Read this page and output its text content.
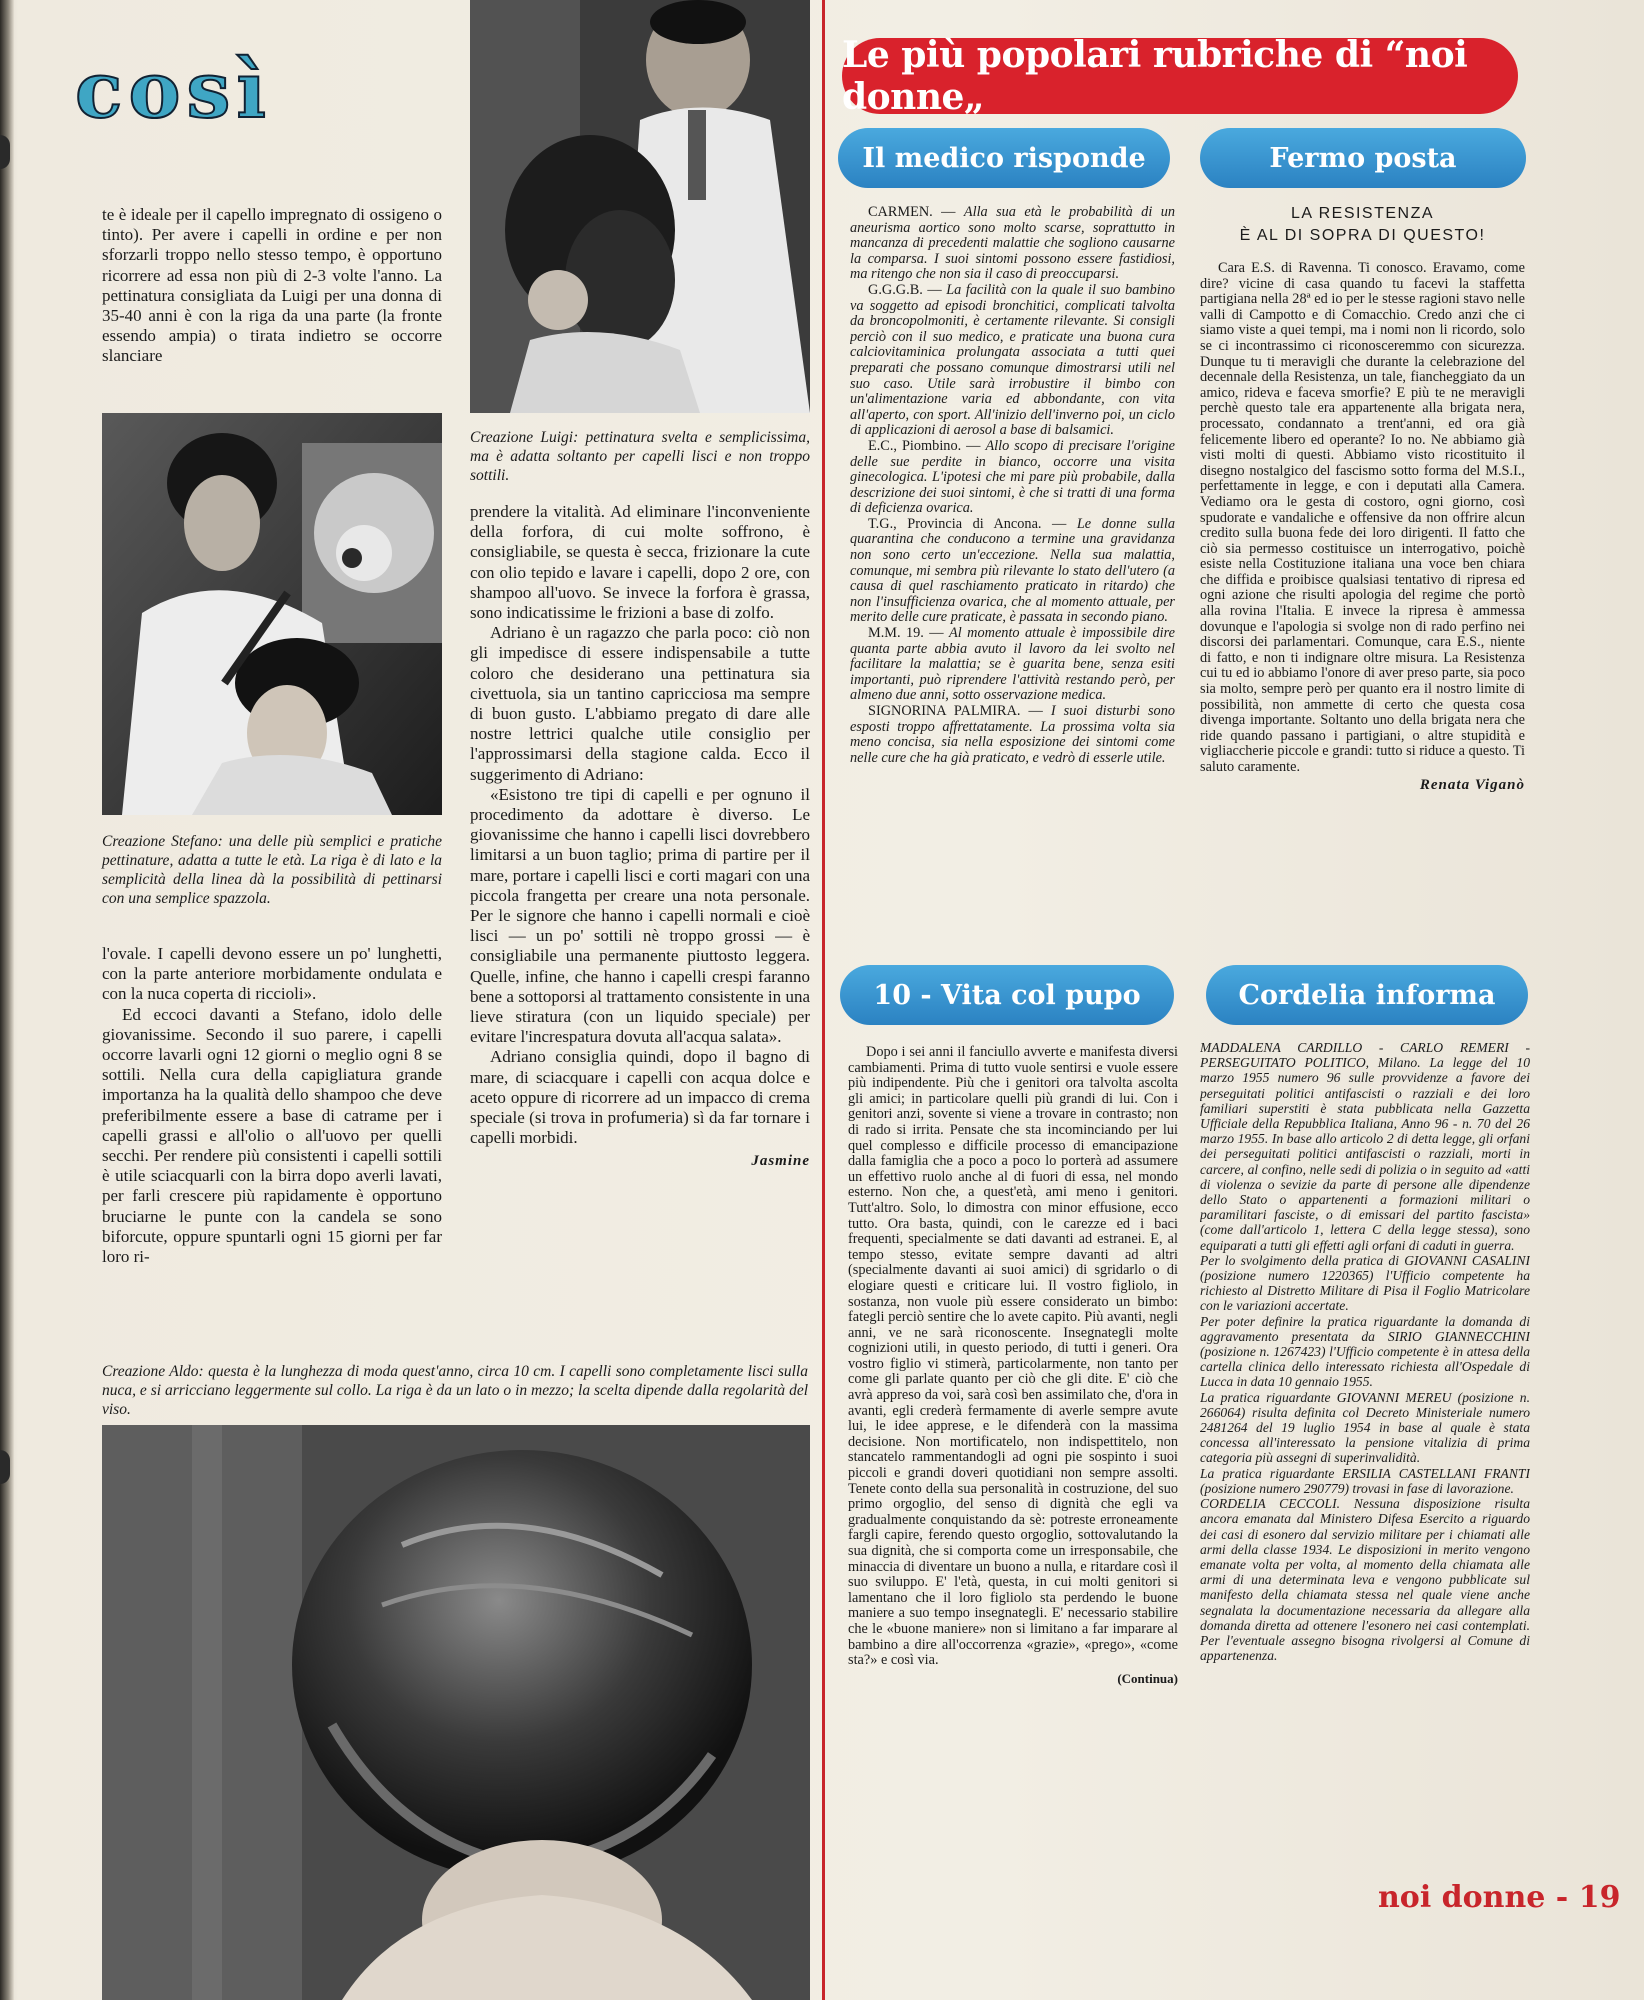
così

te è ideale per il capello impregnato di ossigeno o tinto). Per avere i capelli in ordine e per non sforzarli troppo nello stesso tempo, è opportuno ricorrere ad essa non più di 2-3 volte l'anno. La pettinatura consigliata da Luigi per una donna di 35-40 anni è con la riga da una parte (la fronte essendo ampia) o tirata indietro se occorre slanciare

Creazione Stefano: una delle più semplici e pratiche pettinature, adatta a tutte le età. La riga è di lato e la semplicità della linea dà la possibilità di pettinarsi con una semplice spazzola.

l'ovale. I capelli devono essere un po' lunghetti, con la parte anteriore morbidamente ondulata e con la nuca coperta di riccioli».

Ed eccoci davanti a Stefano, idolo delle giovanissime. Secondo il suo parere, i capelli occorre lavarli ogni 12 giorni o meglio ogni 8 se sottili. Nella cura della capigliatura grande importanza ha la qualità dello shampoo che deve preferibilmente essere a base di catrame per i capelli grassi e all'olio o all'uovo per quelli secchi. Per rendere più consistenti i capelli sottili è utile sciacquarli con la birra dopo averli lavati, per farli crescere più rapidamente è opportuno bruciarne le punte con la candela se sono biforcute, oppure spuntarli ogni 15 giorni per far loro ri-

Creazione Luigi: pettinatura svelta e semplicissima, ma è adatta soltanto per capelli lisci e non troppo sottili.

prendere la vitalità. Ad eliminare l'inconveniente della forfora, di cui molte soffrono, è consigliabile, se questa è secca, frizionare la cute con olio tepido e lavare i capelli, dopo 2 ore, con shampoo all'uovo. Se invece la forfora è grassa, sono indicatissime le frizioni a base di zolfo.

Adriano è un ragazzo che parla poco: ciò non gli impedisce di essere indispensabile a tutte coloro che desiderano una pettinatura sia civettuola, sia un tantino capricciosa ma sempre di buon gusto. L'abbiamo pregato di dare alle nostre lettrici qualche utile consiglio per l'approssimarsi della stagione calda. Ecco il suggerimento di Adriano:

«Esistono tre tipi di capelli e per ognuno il procedimento da adottare è diverso. Le giovanissime che hanno i capelli lisci dovrebbero limitarsi a un buon taglio; prima di partire per il mare, portare i capelli lisci e corti magari con una piccola frangetta per creare una nota personale. Per le signore che hanno i capelli normali e cioè lisci — un po' sottili nè troppo grossi — è consigliabile una permanente piuttosto leggera. Quelle, infine, che hanno i capelli crespi faranno bene a sottoporsi al trattamento consistente in una lieve stiratura (con un liquido speciale) per evitare l'increspatura dovuta all'acqua salata».

Adriano consiglia quindi, dopo il bagno di mare, di sciacquare i capelli con acqua dolce e aceto oppure di ricorrere ad un impacco di crema speciale (si trova in profumeria) sì da far tornare i capelli morbidi.

Jasmine
Creazione Aldo: questa è la lunghezza di moda quest'anno, circa 10 cm. I capelli sono completamente lisci sulla nuca, e si arricciano leggermente sul collo. La riga è da un lato o in mezzo; la scelta dipende dalla regolarità del viso.
Le più popolari rubriche di “noi donne„
Il medico risponde	Fermo posta

CARMEN. — Alla sua età le probabilità di un aneurisma aortico sono molto scarse, soprattutto in mancanza di precedenti malattie che sogliono causarne la comparsa. I suoi sintomi possono essere fastidiosi, ma ritengo che non sia il caso di preoccuparsi.

G.G.G.B. — La facilità con la quale il suo bambino va soggetto ad episodi bronchitici, complicati talvolta da broncopolmoniti, è certamente rilevante. Si consigli perciò con il suo medico, e praticate una buona cura calciovitaminica prolungata associata a tutti quei preparati che possano comunque dimostrarsi utili nel suo caso. Utile sarà irrobustire il bimbo con un'alimentazione varia ed abbondante, con vita all'aperto, con sport. All'inizio dell'inverno poi, un ciclo di applicazioni di aerosol a base di balsamici.

E.C., Piombino. — Allo scopo di precisare l'origine delle sue perdite in bianco, occorre una visita ginecologica. L'ipotesi che mi pare più probabile, dalla descrizione dei suoi sintomi, è che si tratti di una forma di deficienza ovarica.

T.G., Provincia di Ancona. — Le donne sulla quarantina che conducono a termine una gravidanza non sono certo un'eccezione. Nella sua malattia, comunque, mi sembra più rilevante lo stato dell'utero (a causa di quel raschiamento praticato in ritardo) che non l'insufficienza ovarica, che al momento attuale, per merito delle cure praticate, è passata in secondo piano.

M.M. 19. — Al momento attuale è impossibile dire quanta parte abbia avuto il lavoro da lei svolto nel facilitare la malattia; se è guarita bene, senza esiti importanti, può riprendere l'attività restando però, per almeno due anni, sotto osservazione medica.

SIGNORINA PALMIRA. — I suoi disturbi sono esposti troppo affrettatamente. La prossima volta sia meno concisa, sia nella esposizione dei sintomi come nelle cure che ha già praticato, e vedrò di esserle utile.

LA RESISTENZA
È AL DI SOPRA DI QUESTO!

Cara E.S. di Ravenna. Ti conosco. Eravamo, come dire? vicine di casa quando tu facevi la staffetta partigiana nella 28ª ed io per le stesse ragioni stavo nelle valli di Campotto e di Comacchio. Credo anzi che ci siamo viste a quei tempi, ma i nomi non li ricordo, solo se ci incontrassimo ci riconosceremmo con sicurezza. Dunque tu ti meravigli che durante la celebrazione del decennale della Resistenza, un tale, fiancheggiato da un amico, rideva e faceva smorfie? E più te ne meravigli perchè questo tale era appartenente alla brigata nera, processato, condannato a trent'anni, ed ora già felicemente libero ed operante? Io no. Ne abbiamo già visti molti di questi. Abbiamo visto ricostituito il disegno nostalgico del fascismo sotto forma del M.S.I., perfettamente in legge, e con i deputati alla Camera. Vediamo ora le gesta di costoro, ogni giorno, così spudorate e vandaliche e offensive da non offrire alcun credito sulla buona fede dei loro dirigenti. Il fatto che ciò sia permesso costituisce un interrogativo, poichè esiste nella Costituzione italiana una voce ben chiara che diffida e proibisce qualsiasi tentativo di ripresa ed ogni azione che risulti apologia del regime che portò alla rovina l'Italia. E invece la ripresa è ammessa dovunque e l'apologia si svolge non di rado perfino nei discorsi dei parlamentari. Comunque, cara E.S., niente di fatto, e non ti indignare oltre misura. La Resistenza cui tu ed io abbiamo l'onore di aver preso parte, sia poco sia molto, sempre però per quanto era il nostro limite di possibilità, non ammette di certo che questa cosa divenga importante. Soltanto uno della brigata nera che ride quando passano i partigiani, o altre stupidità e vigliaccherie piccole e grandi: tutto si riduce a questo. Ti saluto caramente.

Renata Viganò
10 - Vita col pupo	Cordelia informa

Dopo i sei anni il fanciullo avverte e manifesta diversi cambiamenti. Prima di tutto vuole sentirsi e vuole essere più indipendente. Più che i genitori ora talvolta ascolta gli amici; in particolare quelli più grandi di lui. Con i genitori anzi, sovente si viene a trovare in contrasto; non di rado si irrita. Pensate che sta incominciando per lui quel complesso e difficile processo di emancipazione dalla famiglia che a poco a poco lo porterà ad assumere un effettivo ruolo anche al di fuori di essa, nel mondo esterno. Non che, a quest'età, ami meno i genitori. Tutt'altro. Solo, lo dimostra con minor effusione, ecco tutto. Ora basta, quindi, con le carezze ed i baci frequenti, specialmente se dati davanti ad estranei. E, al tempo stesso, evitate sempre davanti ad altri (specialmente davanti ai suoi amici) di sgridarlo o di elogiare questi e criticare lui. Il vostro figliolo, in sostanza, non vuole più essere considerato un bimbo: fategli perciò sentire che lo avete capito. Più avanti, negli anni, ve ne sarà riconoscente. Insegnategli molte cognizioni utili, in questo periodo, di tutti i generi. Ora vostro figlio vi stimerà, particolarmente, non tanto per come gli parlate quanto per ciò che gli dite. E' ciò che avrà appreso da voi, sarà così ben assimilato che, d'ora in avanti, egli crederà fermamente di averle sempre avute lui, le idee apprese, e le difenderà con la massima decisione. Non mortificatelo, non indispettitelo, non stancatelo rammentandogli ad ogni pie sospinto i suoi piccoli e grandi doveri quotidiani non sempre assolti. Tenete conto della sua personalità in costruzione, del suo primo orgoglio, del senso di dignità che egli va gradualmente conquistando da sè: potreste erroneamente fargli capire, ferendo questo orgoglio, sottovalutando la sua dignità, che si comporta come un irresponsabile, che minaccia di diventare un buono a nulla, e ritardare così il suo sviluppo. E' l'età, questa, in cui molti genitori si lamentano che il loro figliolo sta perdendo le buone maniere a suo tempo insegnategli. E' necessario stabilire che le «buone maniere» non si limitano a far imparare al bambino a dire all'occorrenza «grazie», «prego», «come sta?» e così via.

(Continua)

MADDALENA CARDILLO - CARLO REMERI - PERSEGUITATO POLITICO, Milano. La legge del 10 marzo 1955 numero 96 sulle provvidenze a favore dei perseguitati politici antifascisti o razziali e dei loro familiari superstiti è stata pubblicata nella Gazzetta Ufficiale della Repubblica Italiana, Anno 96 - n. 70 del 26 marzo 1955. In base allo articolo 2 di detta legge, gli orfani dei perseguitati politici antifascisti o razziali, morti in carcere, al confino, nelle sedi di polizia o in seguito ad «atti di violenza o sevizie da parte di persone alle dipendenze dello Stato o appartenenti a formazioni militari o paramilitari fasciste, o di emissari del partito fascista» (come dall'articolo 1, lettera C della legge stessa), sono equiparati a tutti gli effetti agli orfani di caduti in guerra.

Per lo svolgimento della pratica di GIOVANNI CASALINI (posizione numero 1220365) l'Ufficio competente ha richiesto al Distretto Militare di Pisa il Foglio Matricolare con le variazioni accertate.

Per poter definire la pratica riguardante la domanda di aggravamento presentata da SIRIO GIANNECCHINI (posizione n. 1267423) l'Ufficio competente è in attesa della cartella clinica dello interessato richiesta all'Ospedale di Lucca in data 10 gennaio 1955.

La pratica riguardante GIOVANNI MEREU (posizione n. 266064) risulta definita col Decreto Ministeriale numero 2481264 del 19 luglio 1954 in base al quale è stata concessa all'interessato la pensione vitalizia di prima categoria più assegni di superinvalidità.

La pratica riguardante ERSILIA CASTELLANI FRANTI (posizione numero 290779) trovasi in fase di lavorazione.

CORDELIA CECCOLI. Nessuna disposizione risulta ancora emanata dal Ministero Difesa Esercito a riguardo dei casi di esonero dal servizio militare per i chiamati alle armi della classe 1934. Le disposizioni in merito vengono emanate volta per volta, al momento della chiamata alle armi di una determinata leva e vengono pubblicate sul manifesto della chiamata stessa nel quale viene anche segnalata la documentazione necessaria da allegare alla domanda diretta ad ottenere l'esonero nei casi contemplati. Per l'eventuale assegno bisogna rivolgersi al Comune di appartenenza.

noi donne - 19
